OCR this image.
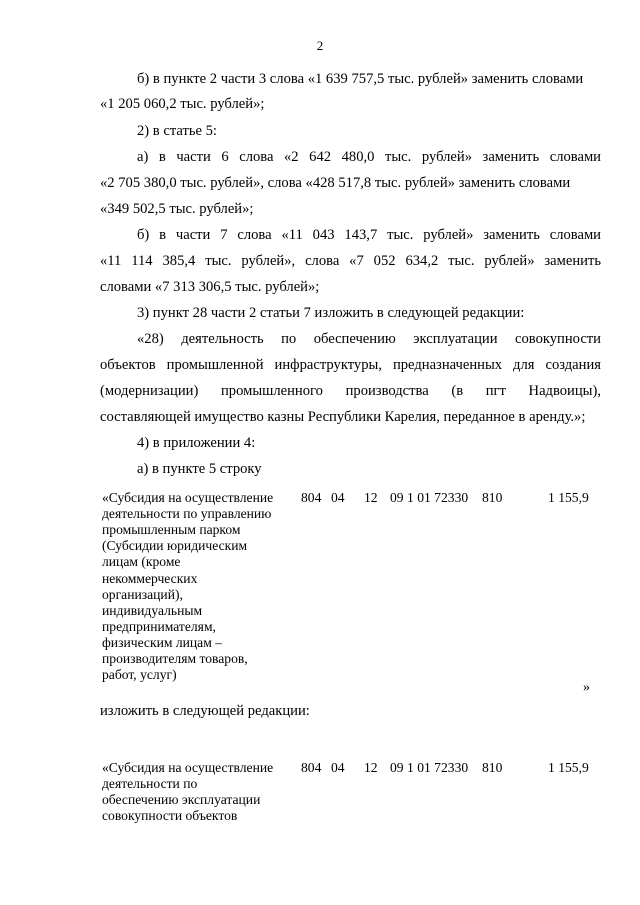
2
б) в пункте 2 части 3 слова «1 639 757,5 тыс. рублей» заменить словами
«1 205 060,2 тыс. рублей»;
2) в статье 5:
а) в части 6 слова «2 642 480,0 тыс. рублей» заменить словами
«2 705 380,0 тыс. рублей», слова «428 517,8 тыс. рублей» заменить словами
«349 502,5 тыс. рублей»;
б) в части 7 слова «11 043 143,7 тыс. рублей» заменить словами
«11 114 385,4 тыс. рублей», слова «7 052 634,2 тыс. рублей» заменить
словами «7 313 306,5 тыс. рублей»;
3) пункт 28 части 2 статьи 7 изложить в следующей редакции:
«28) деятельность по обеспечению эксплуатации совокупности
объектов промышленной инфраструктуры, предназначенных для создания
(модернизации) промышленного производства (в пгт Надвоицы),
составляющей имущество казны Республики Карелия, переданное в аренду.»;
4) в приложении 4:
а) в пункте 5 строку
«Субсидия на осуществление
деятельности по управлению
промышленным парком
(Субсидии юридическим
лицам (кроме
некоммерческих
организаций),
индивидуальным
предпринимателям,
физическим лицам –
производителям товаров,
работ, услуг)
804 04 12 09 1 01 72330 810	1 155,9
»
изложить в следующей редакции:
«Субсидия на осуществление
деятельности по
обеспечению эксплуатации
совокупности объектов
804 04 12 09 1 01 72330 810	1 155,9
